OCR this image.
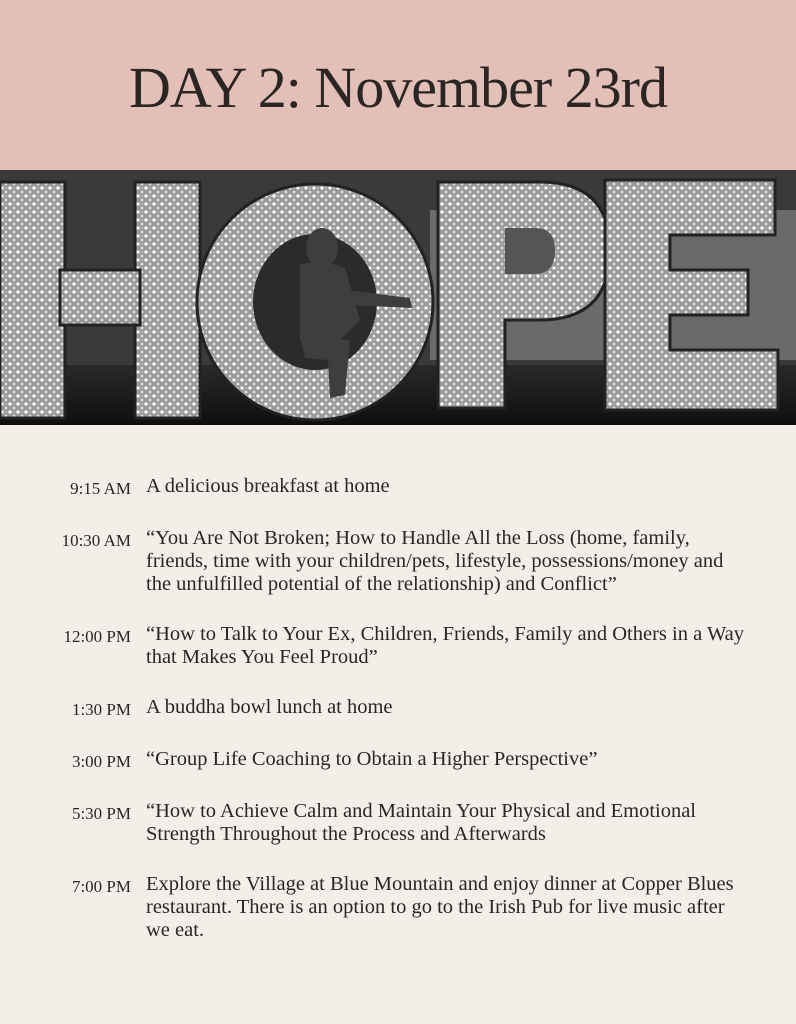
DAY 2: November 23rd
9:15 AM A delicious breakfast at home
10:30 AM “You Are Not Broken; How to Handle All the Loss (home, family, friends, time with your children/pets, lifestyle, possessions/money and the unfulfilled potential of the relationship) and Conflict”
12:00 PM “How to Talk to Your Ex, Children, Friends, Family and Others in a Way that Makes You Feel Proud”
1:30 PM A buddha bowl lunch at home
3:00 PM “Group Life Coaching to Obtain a Higher Perspective”
5:30 PM “How to Achieve Calm and Maintain Your Physical and Emotional Strength Throughout the Process and Afterwards
7:00 PM Explore the Village at Blue Mountain and enjoy dinner at Copper Blues restaurant. There is an option to go to the Irish Pub for live music after we eat.
